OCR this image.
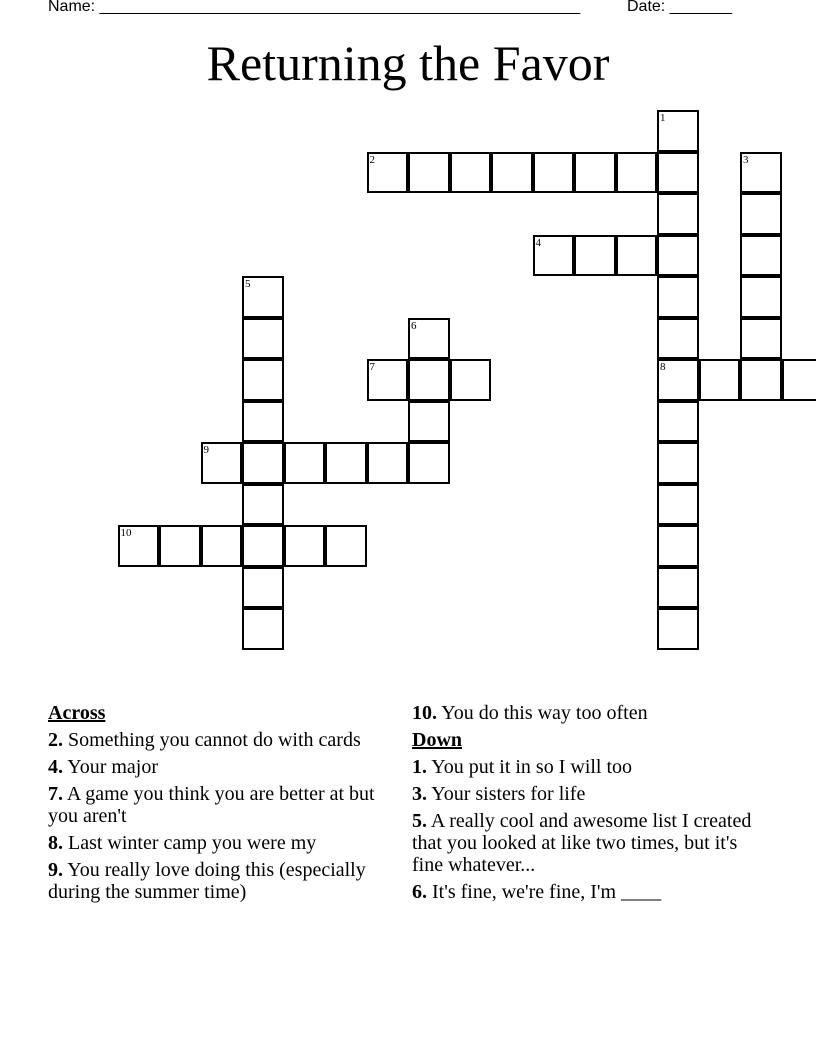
Name: ______________________________________________________	Date: _______
Returning the Favor
1
8
2	3
4
5
6
7
9
10
Across
2. Something you cannot do with cards
4. Your major
7. A game you think you are better at but you aren't
8. Last winter camp you were my
9. You really love doing this (especially during the summer time)
10. You do this way too often
Down
1. You put it in so I will too
3. Your sisters for life
5. A really cool and awesome list I created that you looked at like two times, but it's fine whatever...
6. It's fine, we're fine, I'm ____
